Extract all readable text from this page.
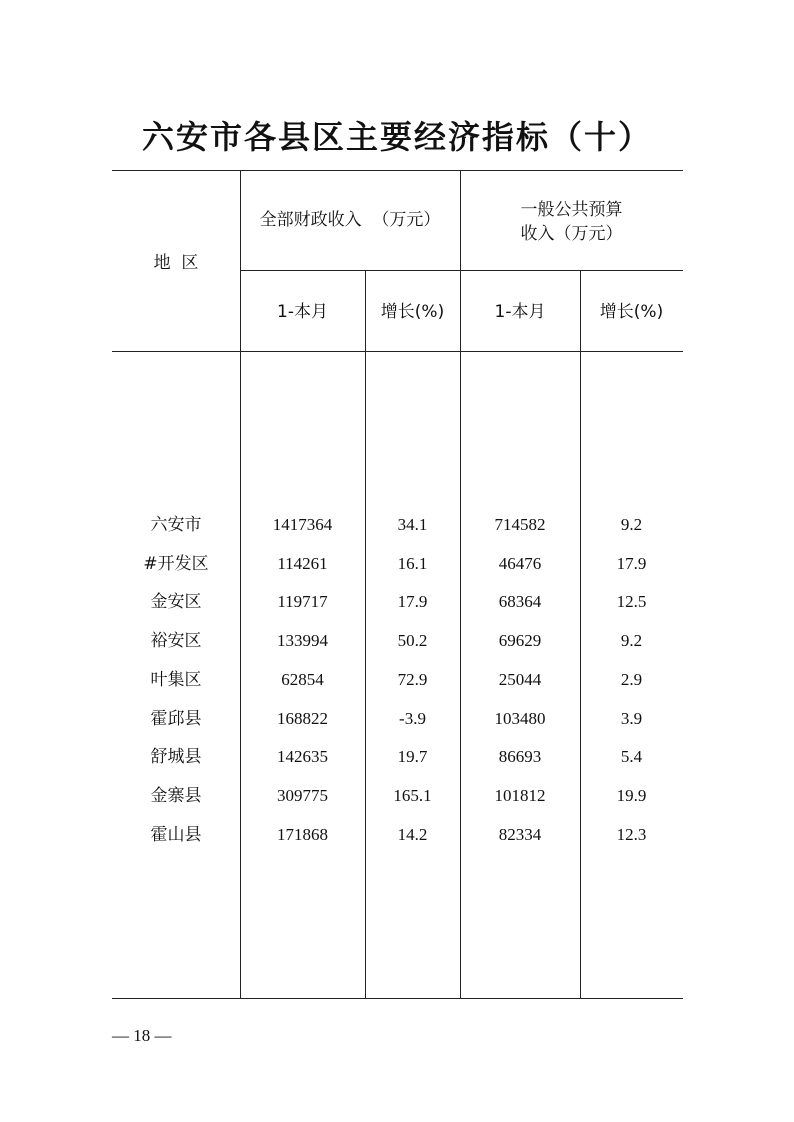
六安市各县区主要经济指标（十）
地  区
全部财政收入  （万元）	一般公共预算
收入（万元）
1-本月	增长(%)	1-本月	增长(%)
六安市	1417364	34.1	714582	9.2
#开发区	114261	16.1	46476	17.9
金安区	119717	17.9	68364	12.5
裕安区	133994	50.2	69629	9.2
叶集区	62854	72.9	25044	2.9
霍邱县	168822	-3.9	103480	3.9
舒城县	142635	19.7	86693	5.4
金寨县	309775	165.1	101812	19.9
霍山县	171868	14.2	82334	12.3
— 18 —
